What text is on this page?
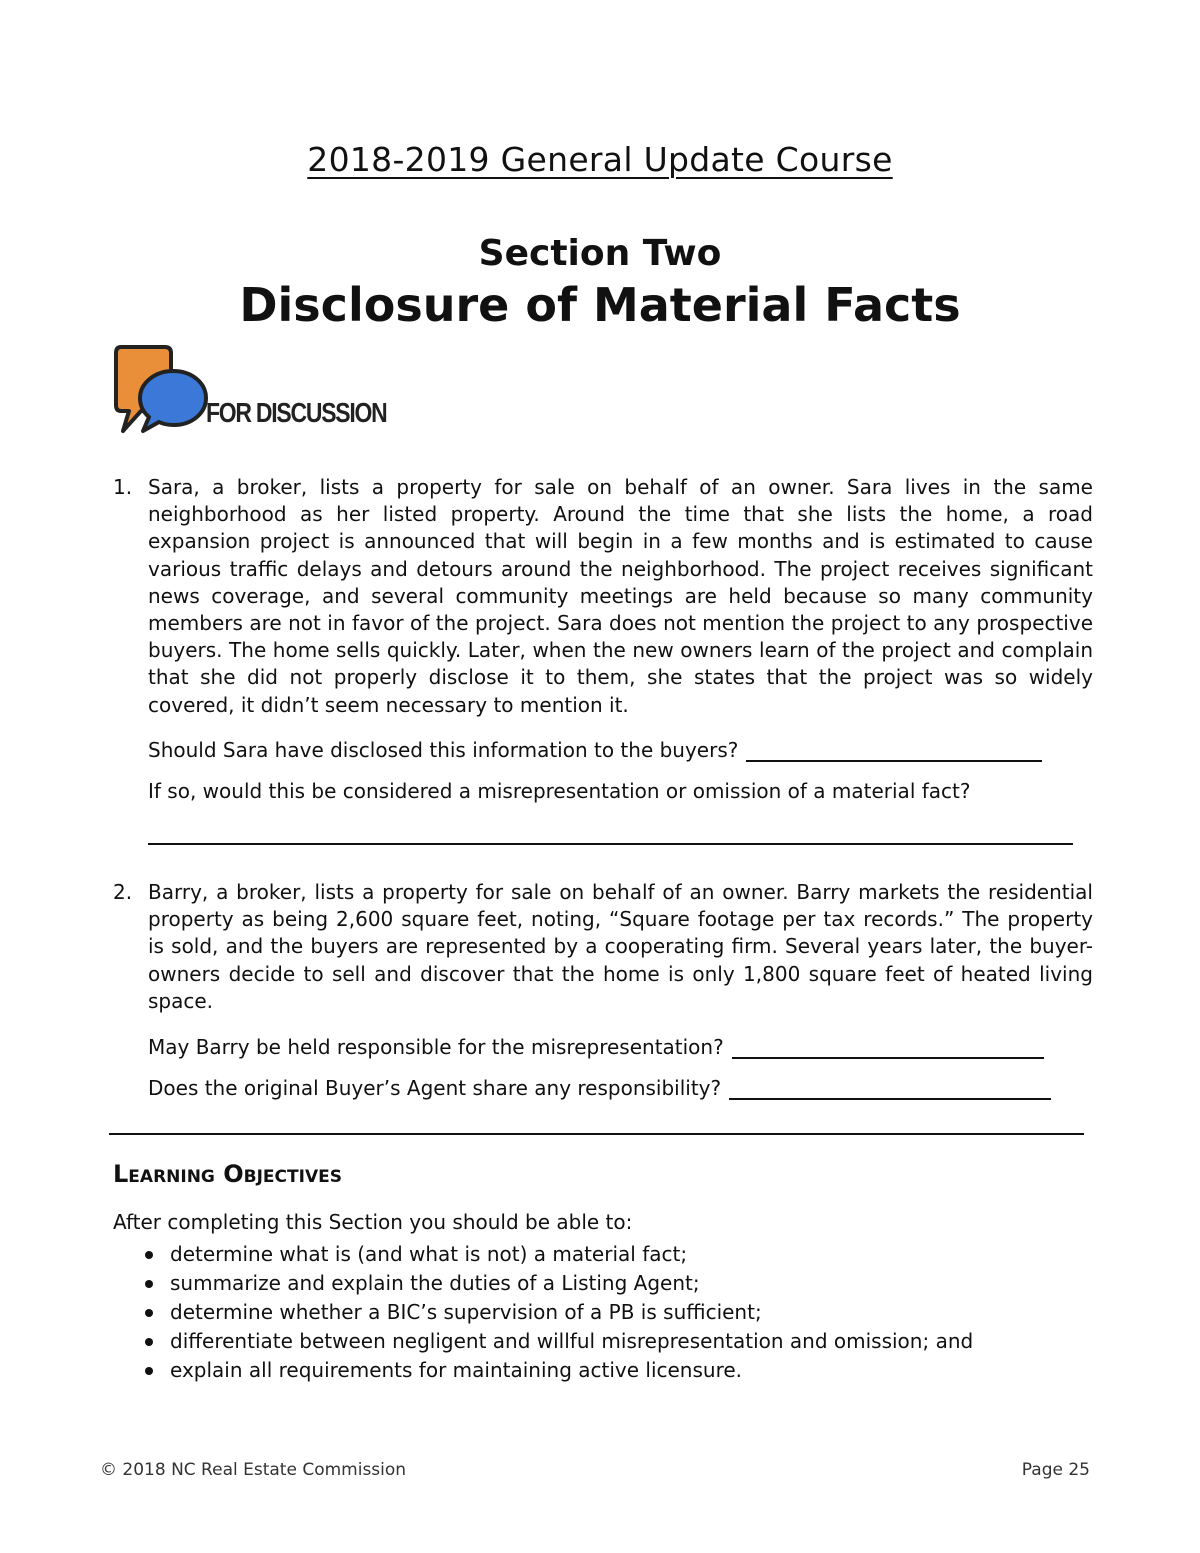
2018-2019 General Update Course
Section Two
Disclosure of Material Facts
FOR DISCUSSION
1. Sara, a broker, lists a property for sale on behalf of an owner. Sara lives in the same neighborhood as her listed property. Around the time that she lists the home, a road expansion project is announced that will begin in a few months and is estimated to cause various traffic delays and detours around the neighborhood. The project receives significant news coverage, and several community meetings are held because so many community members are not in favor of the project. Sara does not mention the project to any prospective buyers. The home sells quickly. Later, when the new owners learn of the project and complain that she did not properly disclose it to them, she states that the project was so widely covered, it didn’t seem necessary to mention it.
Should Sara have disclosed this information to the buyers?
If so, would this be considered a misrepresentation or omission of a material fact?
2. Barry, a broker, lists a property for sale on behalf of an owner. Barry markets the residential property as being 2,600 square feet, noting, “Square footage per tax records.” The property is sold, and the buyers are represented by a cooperating firm. Several years later, the buyer-owners decide to sell and discover that the home is only 1,800 square feet of heated living space.
May Barry be held responsible for the misrepresentation?
Does the original Buyer’s Agent share any responsibility?
Learning Objectives
After completing this Section you should be able to:
determine what is (and what is not) a material fact;
summarize and explain the duties of a Listing Agent;
determine whether a BIC’s supervision of a PB is sufficient;
differentiate between negligent and willful misrepresentation and omission; and
explain all requirements for maintaining active licensure.
© 2018 NC Real Estate Commission	Page 25
